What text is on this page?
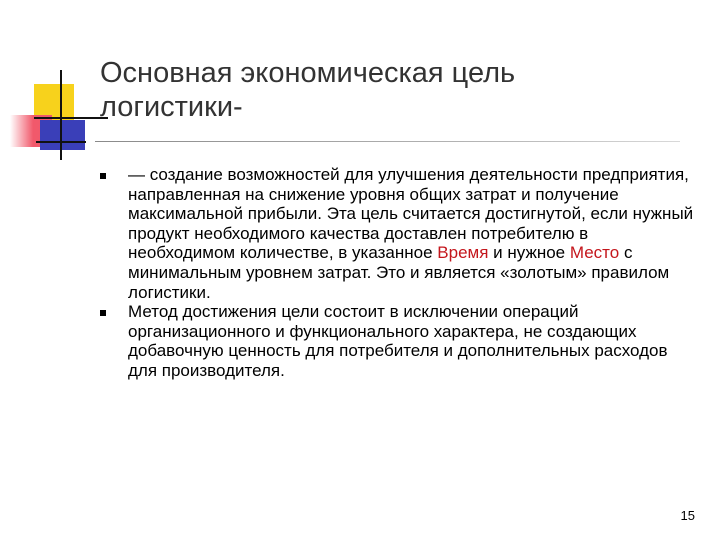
Основная экономическая цель
логистики-
— создание возможностей для улучшения деятельности предприятия, направленная на снижение уровня общих затрат и получение максимальной прибыли. Эта цель считается достигнутой, если нужный продукт необходимого качества доставлен потребителю в необходимом количестве, в указанное Время и нужное Место с минимальным уровнем затрат. Это и является «золотым» правилом логистики.
Метод достижения цели состоит в исключении операций организационного и функционального характера, не создающих добавочную ценность для потребителя и дополнительных расходов для производителя.
15
